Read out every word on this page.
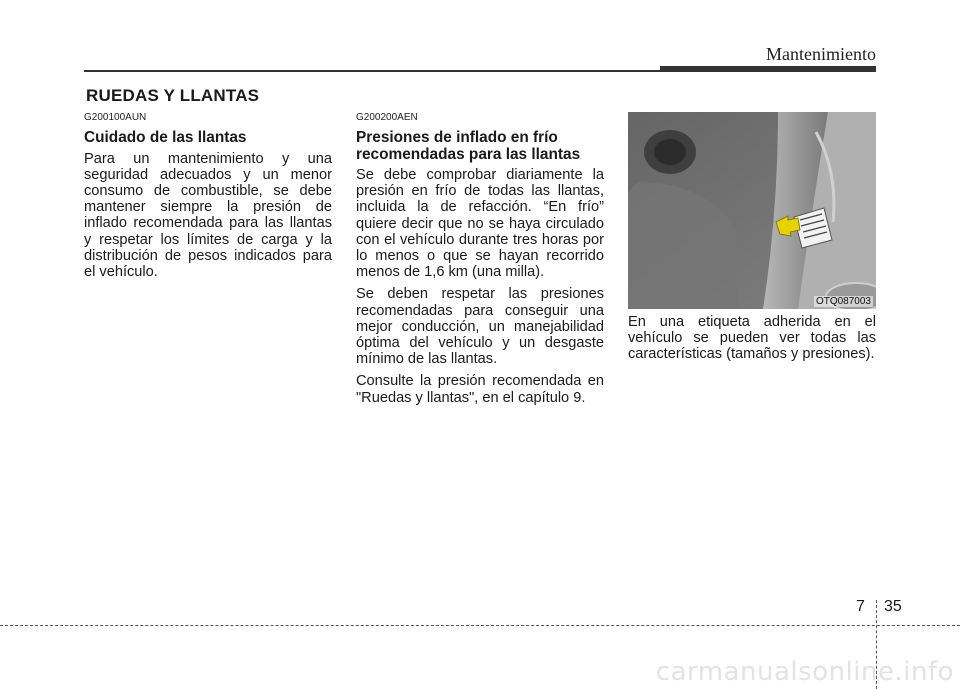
Mantenimiento
RUEDAS Y LLANTAS
G200100AUN
Cuidado de las llantas

Para un mantenimiento y una seguridad adecuados y un menor consumo de combustible, se debe mantener siempre la presión de inflado recomendada para las llantas y respetar los límites de carga y la distribución de pesos indicados para el vehículo.

G200200AEN
Presiones de inflado en frío recomendadas para las llantas

Se debe comprobar diariamente la presión en frío de todas las llantas, incluida la de refacción. “En frío” quiere decir que no se haya circulado con el vehículo durante tres horas por lo menos o que se hayan recorrido menos de 1,6 km (una milla).

Se deben respetar las presiones recomendadas para conseguir una mejor conducción, un manejabilidad óptima del vehículo y un desgaste mínimo de las llantas.

Consulte la presión recomendada en "Ruedas y llantas", en el capítulo 9.

OTQ087003

En una etiqueta adherida en el vehículo se pueden ver todas las características (tamaños y presiones).

7 35
carmanualsonline.info
